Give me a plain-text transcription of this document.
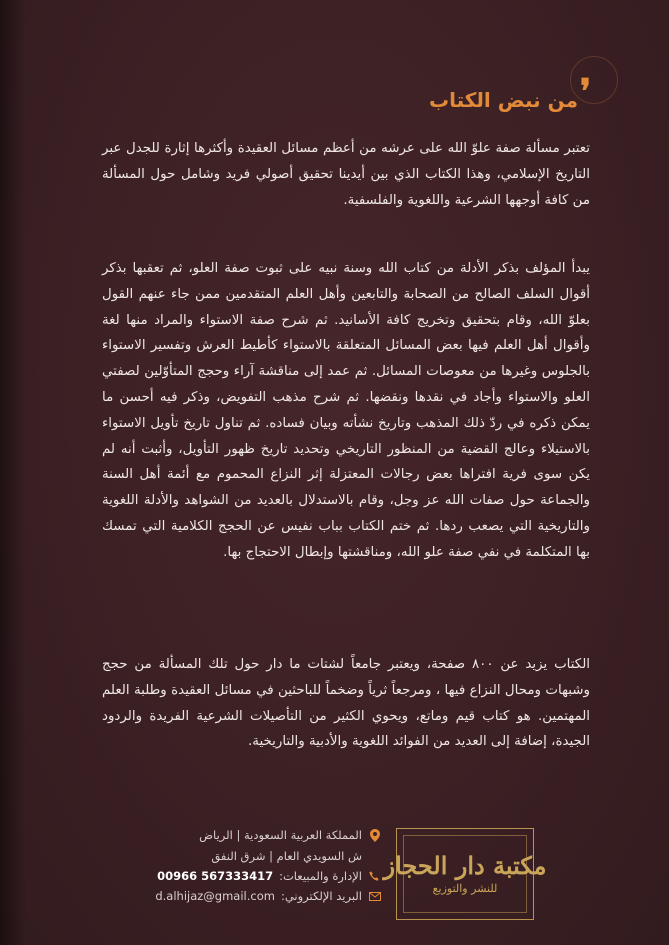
❜
من نبض الكتاب

تعتبر مسألة صفة علوّ الله على عرشه من أعظم مسائل العقيدة وأكثرها إثارة للجدل عبر التاريخ الإسلامي، وهذا الكتاب الذي بين أيدينا تحقيق أصولي فريد وشامل حول المسألة من كافة أوجهها الشرعية واللغوية والفلسفية.

يبدأ المؤلف بذكر الأدلة من كتاب الله وسنة نبيه على ثبوت صفة العلو، ثم تعقبها بذكر أقوال السلف الصالح من الصحابة والتابعين وأهل العلم المتقدمين ممن جاء عنهم القول بعلوّ الله، وقام بتحقيق وتخريج كافة الأسانيد. ثم شرح صفة الاستواء والمراد منها لغة وأقوال أهل العلم فيها بعض المسائل المتعلقة بالاستواء كأطيط العرش وتفسير الاستواء بالجلوس وغيرها من معوصات المسائل. ثم عمد إلى مناقشة آراء وحجج المتأوّلين لصفتي العلو والاستواء وأجاد في نقدها ونقضها. ثم شرح مذهب التفويض، وذكر فيه أحسن ما يمكن ذكره في ردّ ذلك المذهب وتاريخ نشأته وبيان فساده. ثم تناول تاريخ تأويل الاستواء بالاستيلاء وعالج القضية من المنظور التاريخي وتحديد تاريخ ظهور التأويل، وأثبت أنه لم يكن سوى فرية افتراها بعض رجالات المعتزلة إثر النزاع المحموم مع أئمة أهل السنة والجماعة حول صفات الله عز وجل، وقام بالاستدلال بالعديد من الشواهد والأدلة اللغوية والتاريخية التي يصعب ردها. ثم ختم الكتاب بباب نفيس عن الحجج الكلامية التي تمسك بها المتكلمة في نفي صفة علو الله، ومناقشتها وإبطال الاحتجاج بها.

الكتاب يزيد عن ٨٠٠ صفحة، ويعتبر جامعاً لشتات ما دار حول تلك المسألة من حجج وشبهات ومحال النزاع فيها ، ومرجعاً ثرياً وضخماً للباحثين في مسائل العقيدة وطلبة العلم المهتمين. هو كتاب قيم وماتع، ويحوي الكثير من التأصيلات الشرعية الفريدة والردود الجيدة، إضافة إلى العديد من الفوائد اللغوية والأدبية والتاريخية.

مكتبة دار الحجاز
للنشر والتوزيع
المملكة العربية السعودية | الرياض
ش السويدي العام | شرق النفق
الإدارة والمبيعات:
00966 567333417
البريد الإلكتروني:
d.alhijaz@gmail.com
